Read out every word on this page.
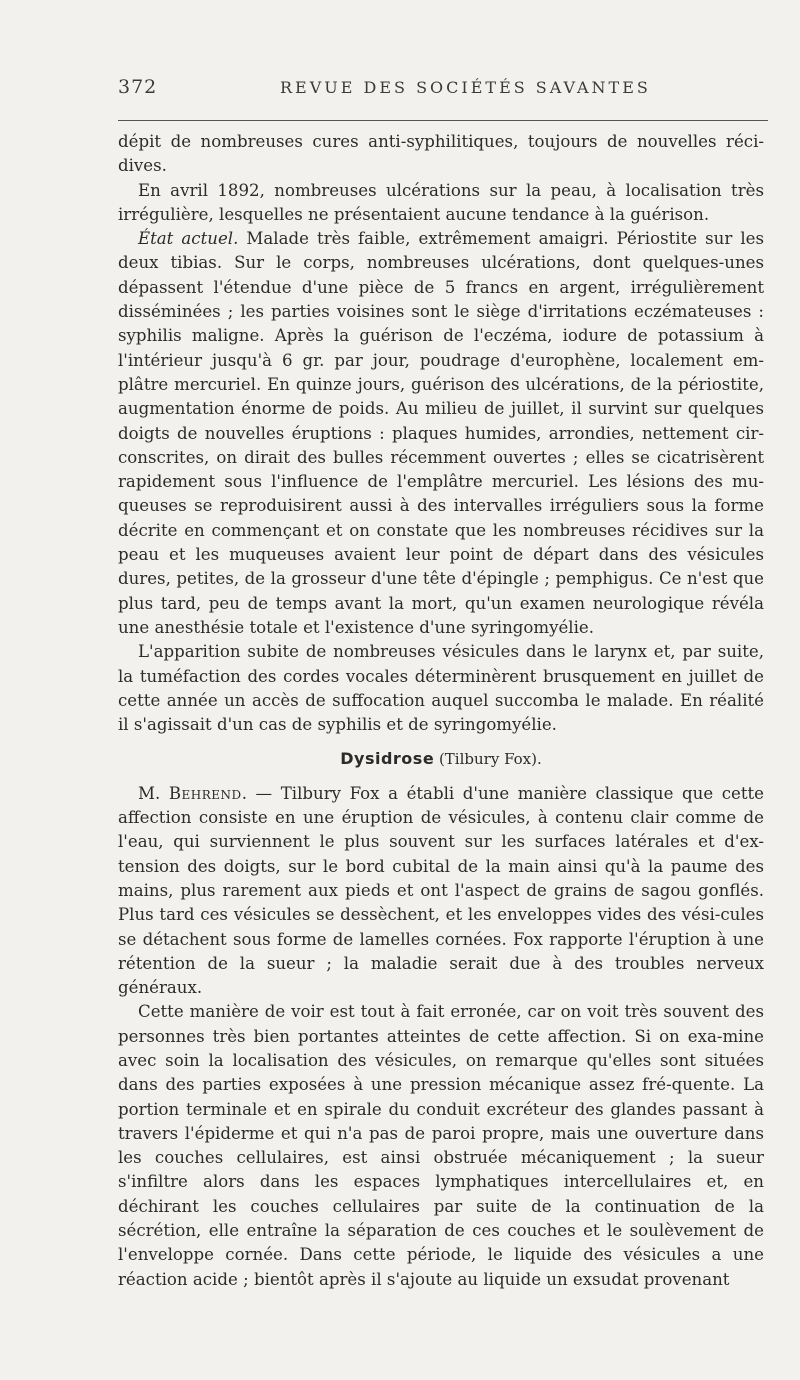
372	REVUE DES SOCIÉTÉS SAVANTES

dépit de nombreuses cures anti-syphilitiques, toujours de nouvelles réci-dives.

En avril 1892, nombreuses ulcérations sur la peau, à localisation très irrégulière, lesquelles ne présentaient aucune tendance à la guérison.

État actuel. Malade très faible, extrêmement amaigri. Périostite sur les deux tibias. Sur le corps, nombreuses ulcérations, dont quelques-unes dépassent l'étendue d'une pièce de 5 francs en argent, irrégulièrement disséminées ; les parties voisines sont le siège d'irritations eczémateuses : syphilis maligne. Après la guérison de l'eczéma, iodure de potassium à l'intérieur jusqu'à 6 gr. par jour, poudrage d'europhène, localement em-plâtre mercuriel. En quinze jours, guérison des ulcérations, de la périostite, augmentation énorme de poids. Au milieu de juillet, il survint sur quelques doigts de nouvelles éruptions : plaques humides, arrondies, nettement cir-conscrites, on dirait des bulles récemment ouvertes ; elles se cicatrisèrent rapidement sous l'influence de l'emplâtre mercuriel. Les lésions des mu-queuses se reproduisirent aussi à des intervalles irréguliers sous la forme décrite en commençant et on constate que les nombreuses récidives sur la peau et les muqueuses avaient leur point de départ dans des vésicules dures, petites, de la grosseur d'une tête d'épingle ; pemphigus. Ce n'est que plus tard, peu de temps avant la mort, qu'un examen neurologique révéla une anesthésie totale et l'existence d'une syringomyélie.

L'apparition subite de nombreuses vésicules dans le larynx et, par suite, la tuméfaction des cordes vocales déterminèrent brusquement en juillet de cette année un accès de suffocation auquel succomba le malade. En réalité il s'agissait d'un cas de syphilis et de syringomyélie.

Dysidrose (Tilbury Fox).

M. Behrend. — Tilbury Fox a établi d'une manière classique que cette affection consiste en une éruption de vésicules, à contenu clair comme de l'eau, qui surviennent le plus souvent sur les surfaces latérales et d'ex-tension des doigts, sur le bord cubital de la main ainsi qu'à la paume des mains, plus rarement aux pieds et ont l'aspect de grains de sagou gonflés. Plus tard ces vésicules se dessèchent, et les enveloppes vides des vési-cules se détachent sous forme de lamelles cornées. Fox rapporte l'éruption à une rétention de la sueur ; la maladie serait due à des troubles nerveux généraux.

Cette manière de voir est tout à fait erronée, car on voit très souvent des personnes très bien portantes atteintes de cette affection. Si on exa-mine avec soin la localisation des vésicules, on remarque qu'elles sont situées dans des parties exposées à une pression mécanique assez fré-quente. La portion terminale et en spirale du conduit excréteur des glandes passant à travers l'épiderme et qui n'a pas de paroi propre, mais une ouverture dans les couches cellulaires, est ainsi obstruée mécaniquement ; la sueur s'infiltre alors dans les espaces lymphatiques intercellulaires et, en déchirant les couches cellulaires par suite de la continuation de la sécrétion, elle entraîne la séparation de ces couches et le soulèvement de l'enveloppe cornée. Dans cette période, le liquide des vésicules a une réaction acide ; bientôt après il s'ajoute au liquide un exsudat provenant
